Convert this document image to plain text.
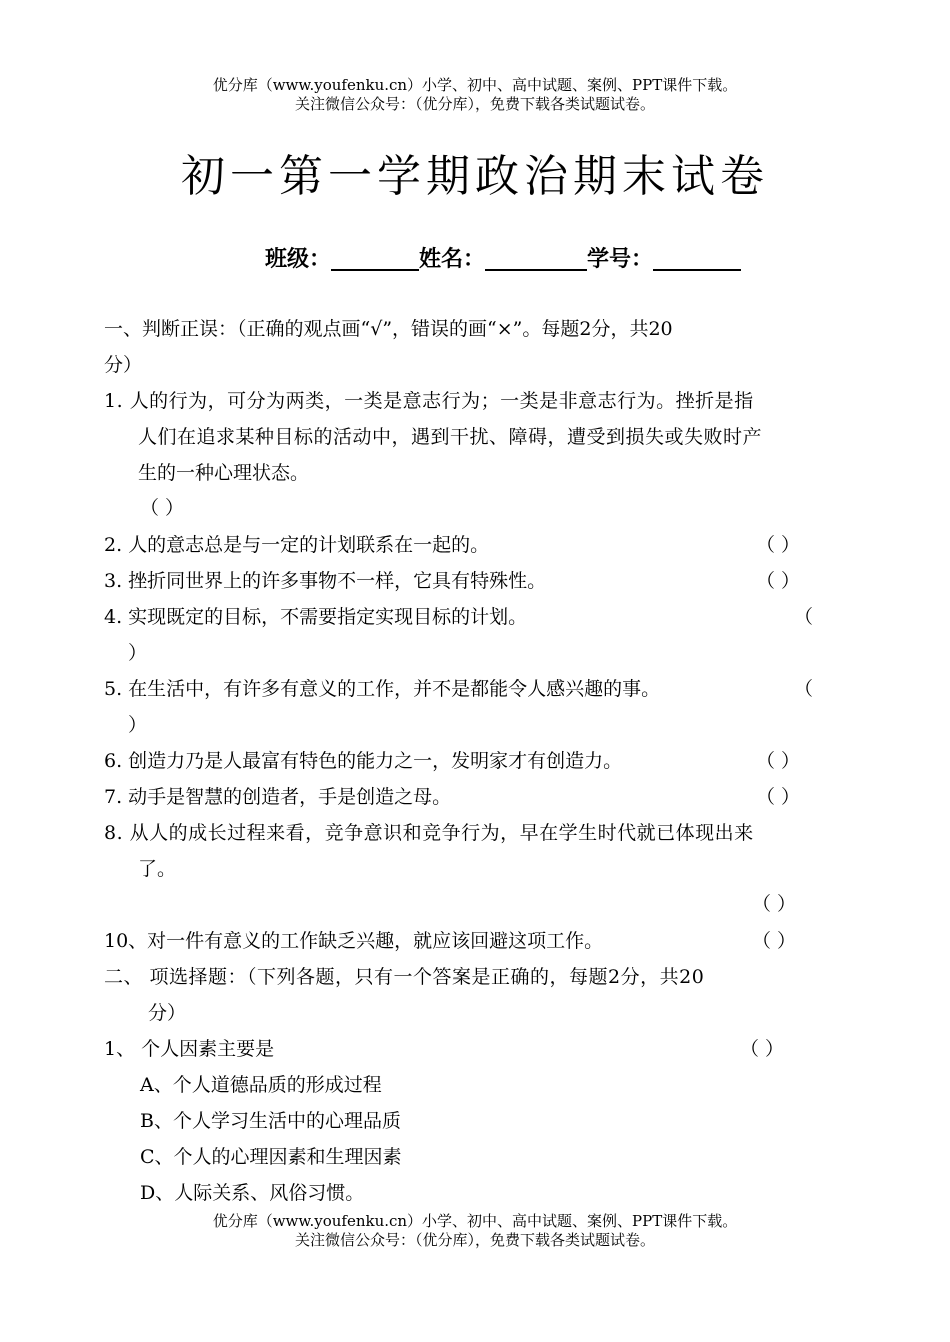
优分库（www.youfenku.cn）小学、初中、高中试题、案例、PPT课件下载。
关注微信公众号：（优分库），免费下载各类试题试卷。
初一第一学期政治期末试卷
班级：	姓名：	学号：
一、判断正误：（正确的观点画“√”，错误的画“×”。每题2分，共20
分）
1. 人的行为，可分为两类，一类是意志行为；一类是非意志行为。挫折是指
人们在追求某种目标的活动中，遇到干扰、障碍，遭受到损失或失败时产
生的一种心理状态。
（ ）
2. 人的意志总是与一定的计划联系在一起的。	（ ）
3. 挫折同世界上的许多事物不一样，它具有特殊性。	（ ）
4. 实现既定的目标，不需要指定实现目标的计划。	（
）
5. 在生活中，有许多有意义的工作，并不是都能令人感兴趣的事。	（
）
6. 创造力乃是人最富有特色的能力之一，发明家才有创造力。	（ ）
7. 动手是智慧的创造者，手是创造之母。	（ ）
8. 从人的成长过程来看，竞争意识和竞争行为，早在学生时代就已体现出来
了。
（ ）
10、对一件有意义的工作缺乏兴趣，就应该回避这项工作。	（ ）
二、 项选择题：（下列各题，只有一个答案是正确的，每题2分，共20
分）
1、 个人因素主要是	（ ）
A、个人道德品质的形成过程
B、个人学习生活中的心理品质
C、个人的心理因素和生理因素
D、人际关系、风俗习惯。
优分库（www.youfenku.cn）小学、初中、高中试题、案例、PPT课件下载。
关注微信公众号：（优分库），免费下载各类试题试卷。
